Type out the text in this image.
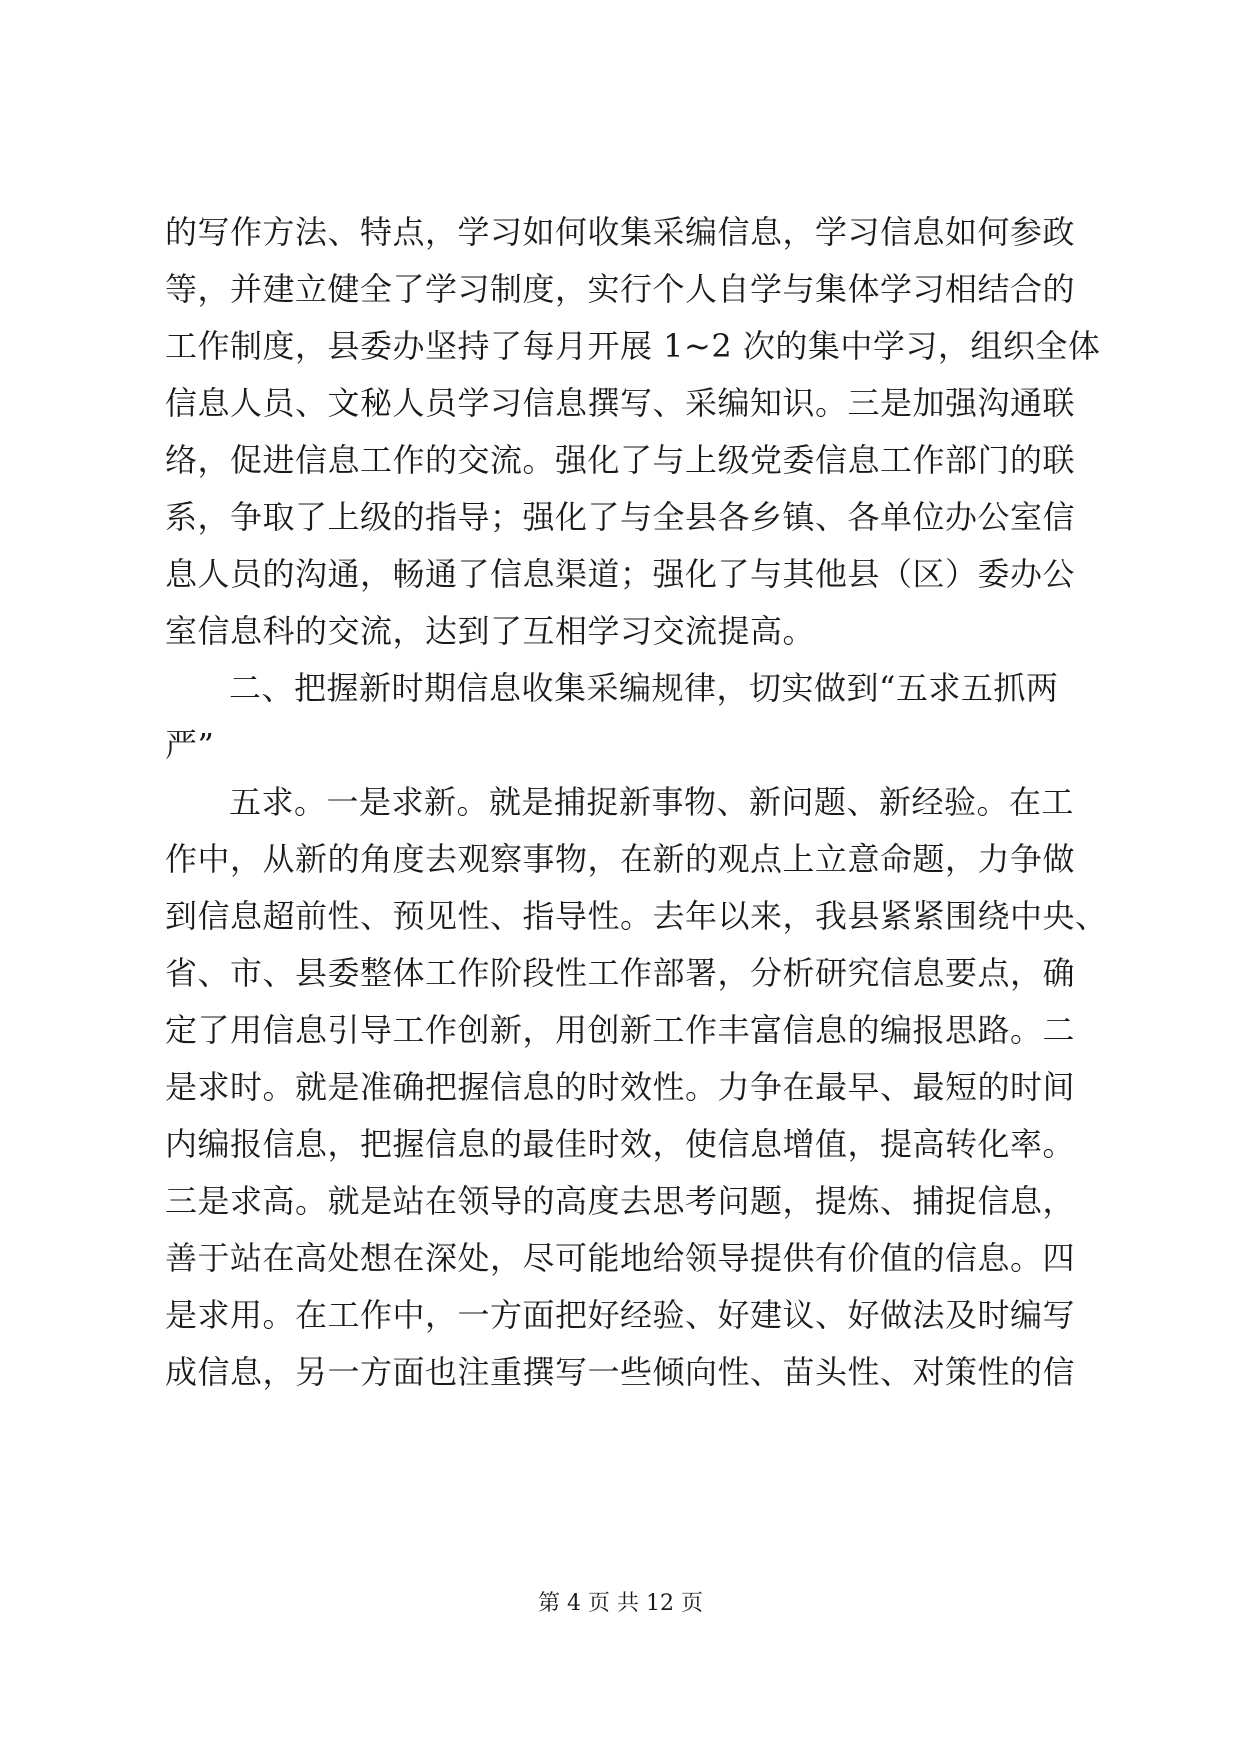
的写作方法、特点，学习如何收集采编信息，学习信息如何参政
等，并建立健全了学习制度，实行个人自学与集体学习相结合的
工作制度，县委办坚持了每月开展 1~2 次的集中学习，组织全体
信息人员、文秘人员学习信息撰写、采编知识。三是加强沟通联
络，促进信息工作的交流。强化了与上级党委信息工作部门的联
系，争取了上级的指导；强化了与全县各乡镇、各单位办公室信
息人员的沟通，畅通了信息渠道；强化了与其他县（区）委办公
室信息科的交流，达到了互相学习交流提高。
二、把握新时期信息收集采编规律，切实做到“五求五抓两
严”
五求。一是求新。就是捕捉新事物、新问题、新经验。在工
作中，从新的角度去观察事物，在新的观点上立意命题，力争做
到信息超前性、预见性、指导性。去年以来，我县紧紧围绕中央、
省、市、县委整体工作阶段性工作部署，分析研究信息要点，确
定了用信息引导工作创新，用创新工作丰富信息的编报思路。二
是求时。就是准确把握信息的时效性。力争在最早、最短的时间
内编报信息，把握信息的最佳时效，使信息增值，提高转化率。
三是求高。就是站在领导的高度去思考问题，提炼、捕捉信息，
善于站在高处想在深处，尽可能地给领导提供有价值的信息。四
是求用。在工作中，一方面把好经验、好建议、好做法及时编写
成信息，另一方面也注重撰写一些倾向性、苗头性、对策性的信
第 4 页 共 12 页
